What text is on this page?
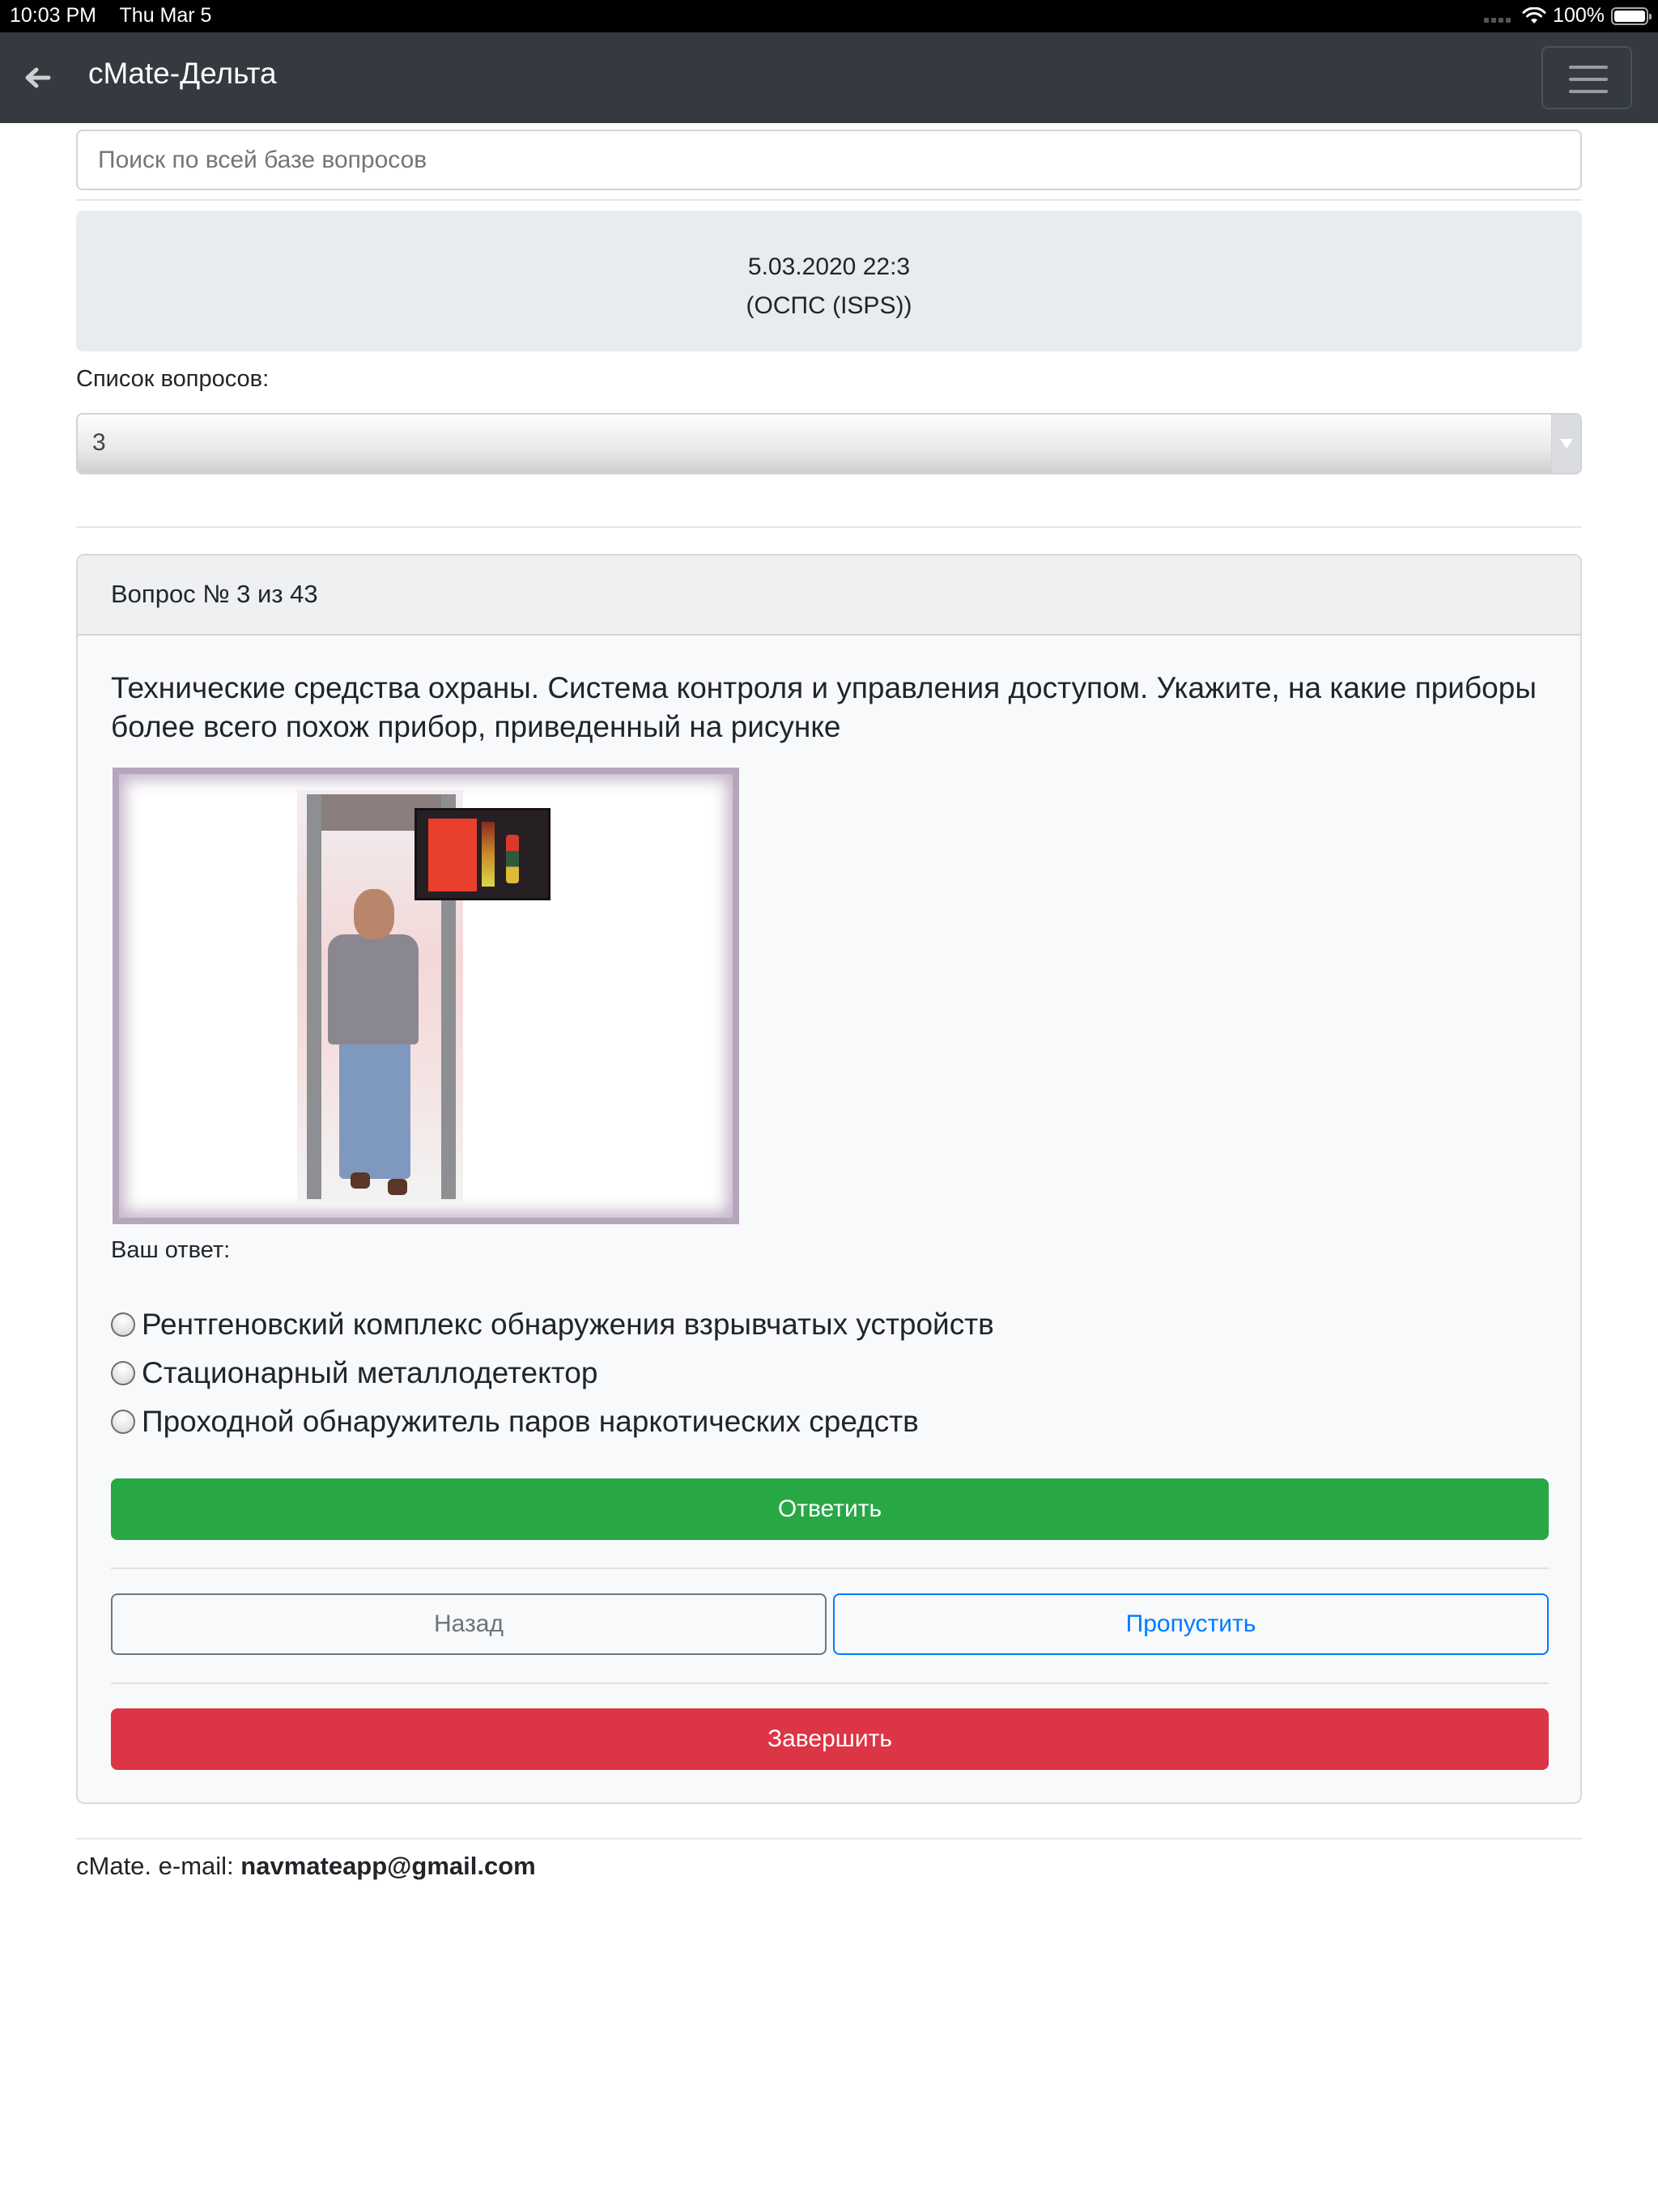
10:03 PM Thu Mar 5	100%
cMate-Дельта
Поиск по всей базе вопросов
5.03.2020 22:3
(ОСПС (ISPS))
Список вопросов:
3
Вопрос № 3 из 43
Технические средства охраны. Система контроля и управления доступом. Укажите, на какие приборы более всего похож прибор, приведенный на рисунке
Ваш ответ:
Рентгеновский комплекс обнаружения взрывчатых устройств
Стационарный металлодетектор
Проходной обнаружитель паров наркотических средств
Ответить
Назад	Пропустить
Завершить
cMate. e-mail: navmateapp@gmail.com
